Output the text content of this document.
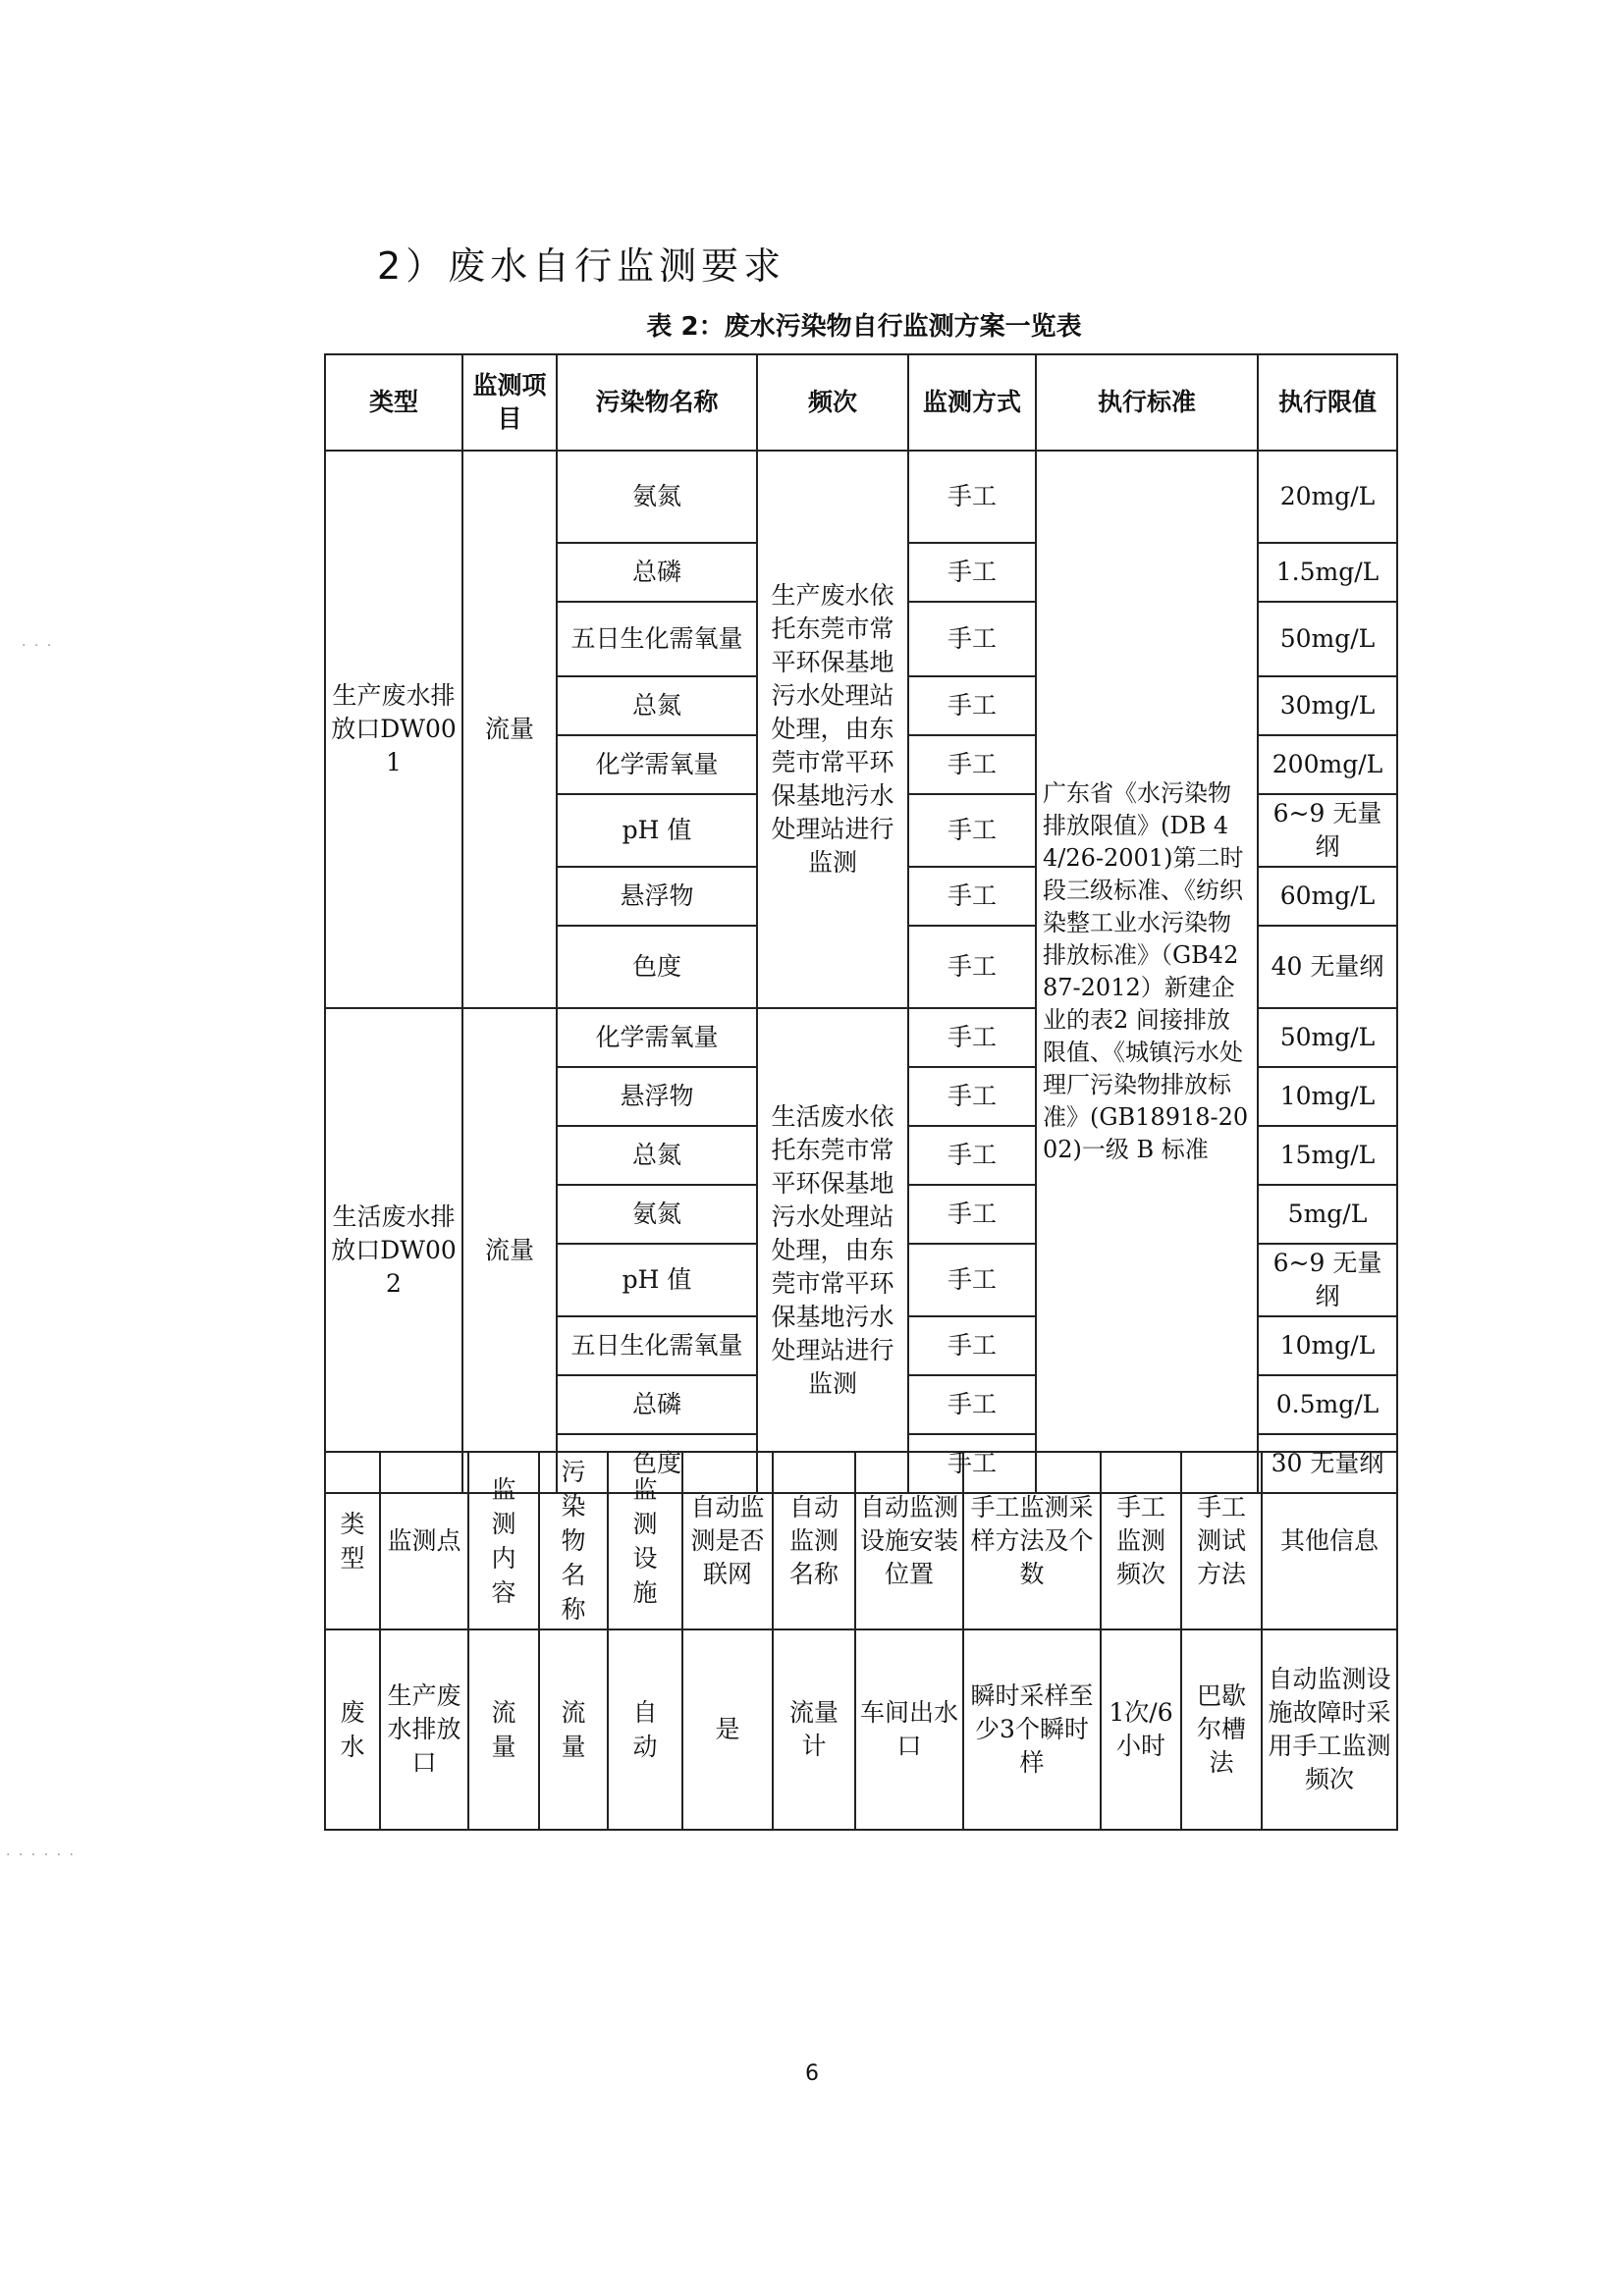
2）废水自行监测要求
表 2：废水污染物自行监测方案一览表
类型	监测项目	污染物名称	频次	监测方式	执行标准	执行限值
生产废水排放口DW001	流量	氨氮	生产废水依托东莞市常平环保基地污水处理站处理，由东莞市常平环保基地污水处理站进行监测	手工	广东省《水污染物排放限值》(DB 44/26-2001)第二时段三级标准、《纺织染整工业水污染物排放标准》（GB4287-2012）新建企业的表2 间接排放限值、《城镇污水处理厂污染物排放标准》(GB18918-2002)一级 B 标准	20mg/L
		总磷		手工		1.5mg/L
		五日生化需氧量		手工		50mg/L
		总氮		手工		30mg/L
		化学需氧量		手工		200mg/L
		pH 值		手工		6~9 无量纲
		悬浮物		手工		60mg/L
		色度		手工		40 无量纲
生活废水排放口DW002	流量	化学需氧量	生活废水依托东莞市常平环保基地污水处理站处理，由东莞市常平环保基地污水处理站进行监测	手工		50mg/L
		悬浮物		手工		10mg/L
		总氮		手工		15mg/L
		氨氮		手工		5mg/L
		pH 值		手工		6~9 无量纲
		五日生化需氧量		手工		10mg/L
		总磷		手工		0.5mg/L
		色度		手工		30 无量纲
类型	监测点	监测内容	污染物名称	监测设施	自动监测是否联网	自动监测名称	自动监测设施安装位置	手工监测采样方法及个数	手工监测频次	手工测试方法	其他信息

废水	生产废水排放口	流量	流量	自动	是	流量计	车间出水口	瞬时采样至少3个瞬时样	1次/6小时	巴歇尔槽法	自动监测设施故障时采用手工监测频次
6
· · ·
· · · · · ·
